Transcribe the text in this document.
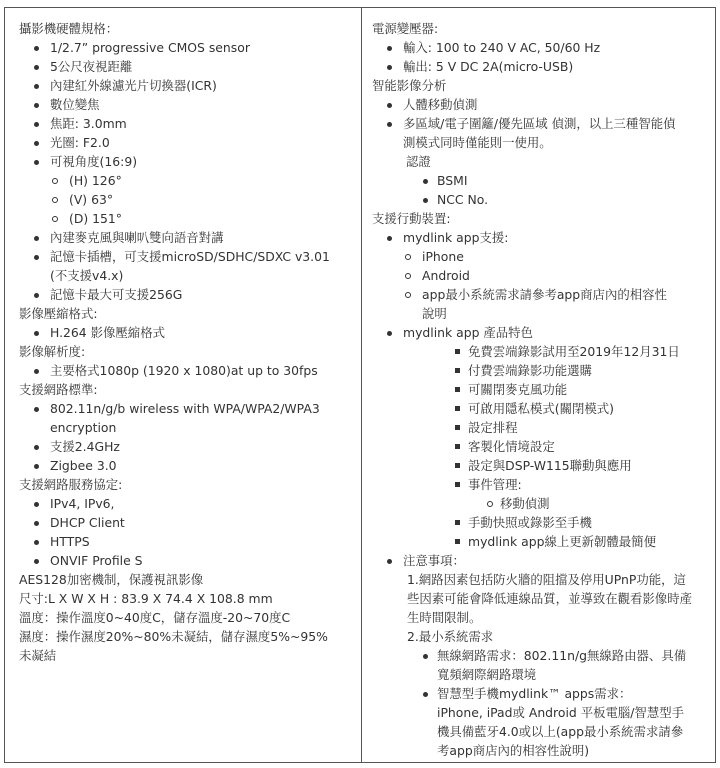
攝影機硬體規格：

1/2.7” progressive CMOS sensor

5公尺夜視距離

內建紅外線濾光片切換器(ICR)

數位變焦

焦距: 3.0mm

光圈: F2.0

可視角度(16:9)

(H) 126°

(V) 63°

(D) 151°

內建麥克風與喇叭雙向語音對講

記憶卡插槽，可支援microSD/SDHC/SDXC v3.01

(不支援v4.x)

記憶卡最大可支援256G

影像壓縮格式:

H.264 影像壓縮格式

影像解析度:

主要格式1080p (1920 x 1080)at up to 30fps

支援網路標準:

802.11n/g/b wireless with WPA/WPA2/WPA3

encryption

支援2.4GHz

Zigbee 3.0

支援網路服務協定:

IPv4, IPv6,

DHCP Client

HTTPS

ONVIF Profile S

AES128加密機制，保護視訊影像

尺寸:L X W X H : 83.9 X 74.4 X 108.8 mm

溫度：操作溫度0~40度C，儲存溫度-20~70度C

濕度：操作濕度20%~80%未凝結，儲存濕度5%~95%

未凝結

電源變壓器:

輸入: 100 to 240 V AC, 50/60 Hz

輸出: 5 V DC 2A(micro-USB)

智能影像分析

人體移動偵測

多區域/電子圍籬/優先區域 偵測，以上三種智能偵

測模式同時僅能則一使用。

認證

BSMI

NCC No.

支援行動裝置:

mydlink app支援:

iPhone

Android

app最小系統需求請參考app商店內的相容性

說明

mydlink app 產品特色

免費雲端錄影試用至2019年12月31日

付費雲端錄影功能選購

可關閉麥克風功能

可啟用隱私模式(關閉模式)

設定排程

客製化情境設定

設定與DSP-W115聯動與應用

事件管理:

移動偵測

手動快照或錄影至手機

mydlink app線上更新韌體最簡便

注意事項：

1.網路因素包括防火牆的阻擋及停用UPnP功能，這

些因素可能會降低連線品質，並導致在觀看影像時產

生時間限制。

2.最小系統需求

無線網路需求：802.11n/g無線路由器、具備

寬頻網際網路環境

智慧型手機mydlink™ apps需求：

iPhone, iPad或 Android 平板電腦/智慧型手

機具備藍牙4.0或以上(app最小系統需求請參

考app商店內的相容性說明)
